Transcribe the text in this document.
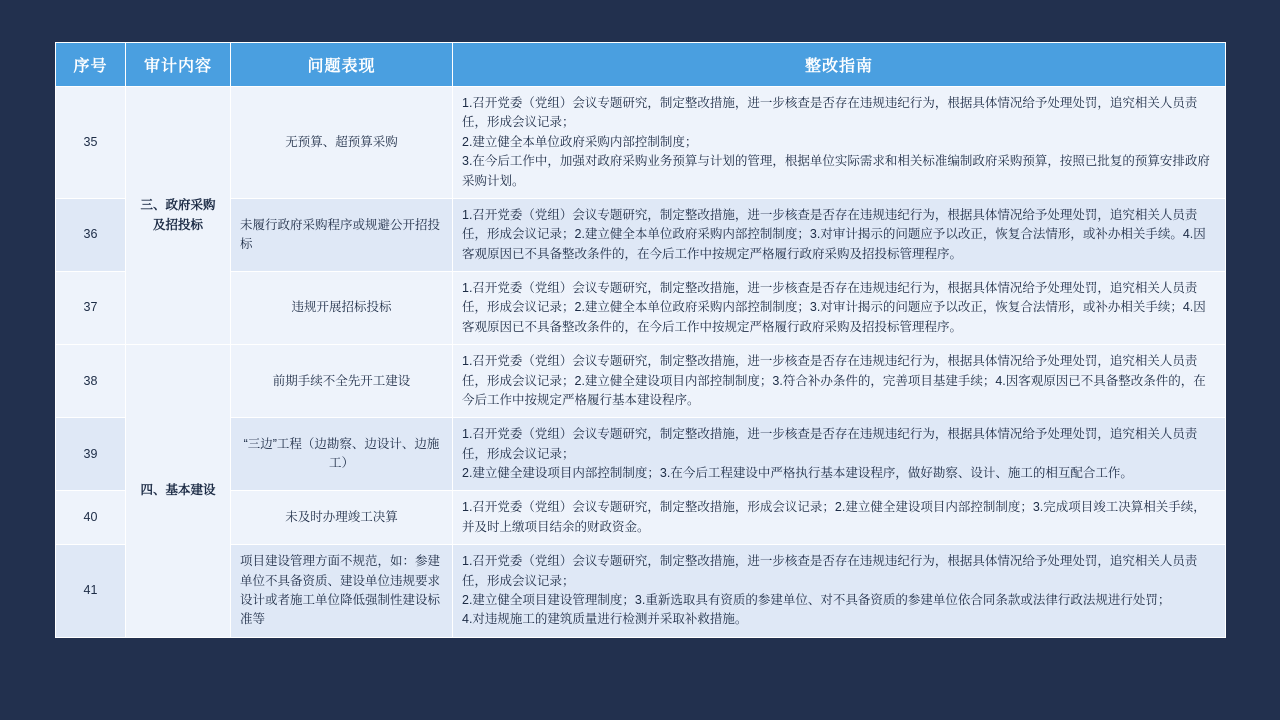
序号	审计内容	问题表现	整改指南
35	三、政府采购及招投标	无预算、超预算采购	1.召开党委（党组）会议专题研究，制定整改措施，进一步核查是否存在违规违纪行为，根据具体情况给予处理处罚，追究相关人员责任，形成会议记录；
2.建立健全本单位政府采购内部控制制度；
3.在今后工作中，加强对政府采购业务预算与计划的管理，根据单位实际需求和相关标准编制政府采购预算，按照已批复的预算安排政府采购计划。

36		未履行政府采购程序或规避公开招投标	1.召开党委（党组）会议专题研究，制定整改措施，进一步核查是否存在违规违纪行为，根据具体情况给予处理处罚，追究相关人员责任，形成会议记录；2.建立健全本单位政府采购内部控制制度；3.对审计揭示的问题应予以改正，恢复合法情形，或补办相关手续。4.因客观原因已不具备整改条件的，在今后工作中按规定严格履行政府采购及招投标管理程序。

37		违规开展招标投标	1.召开党委（党组）会议专题研究，制定整改措施，进一步核查是否存在违规违纪行为，根据具体情况给予处理处罚，追究相关人员责任，形成会议记录；2.建立健全本单位政府采购内部控制制度；3.对审计揭示的问题应予以改正，恢复合法情形，或补办相关手续；4.因客观原因已不具备整改条件的，在今后工作中按规定严格履行政府采购及招投标管理程序。

38	四、基本建设	前期手续不全先开工建设	1.召开党委（党组）会议专题研究，制定整改措施，进一步核查是否存在违规违纪行为，根据具体情况给予处理处罚，追究相关人员责任，形成会议记录；2.建立健全建设项目内部控制制度；3.符合补办条件的，完善项目基建手续；4.因客观原因已不具备整改条件的，在今后工作中按规定严格履行基本建设程序。

39		“三边”工程（边勘察、边设计、边施工）	1.召开党委（党组）会议专题研究，制定整改措施，进一步核查是否存在违规违纪行为，根据具体情况给予处理处罚，追究相关人员责任，形成会议记录；
2.建立健全建设项目内部控制制度；3.在今后工程建设中严格执行基本建设程序，做好勘察、设计、施工的相互配合工作。

40		未及时办理竣工决算	1.召开党委（党组）会议专题研究，制定整改措施，形成会议记录；2.建立健全建设项目内部控制制度；3.完成项目竣工决算相关手续，并及时上缴项目结余的财政资金。

41		项目建设管理方面不规范，如：参建单位不具备资质、建设单位违规要求设计或者施工单位降低强制性建设标准等	1.召开党委（党组）会议专题研究，制定整改措施，进一步核查是否存在违规违纪行为，根据具体情况给予处理处罚，追究相关人员责任，形成会议记录；
2.建立健全项目建设管理制度；3.重新选取具有资质的参建单位、对不具备资质的参建单位依合同条款或法律行政法规进行处罚；
4.对违规施工的建筑质量进行检测并采取补救措施。
